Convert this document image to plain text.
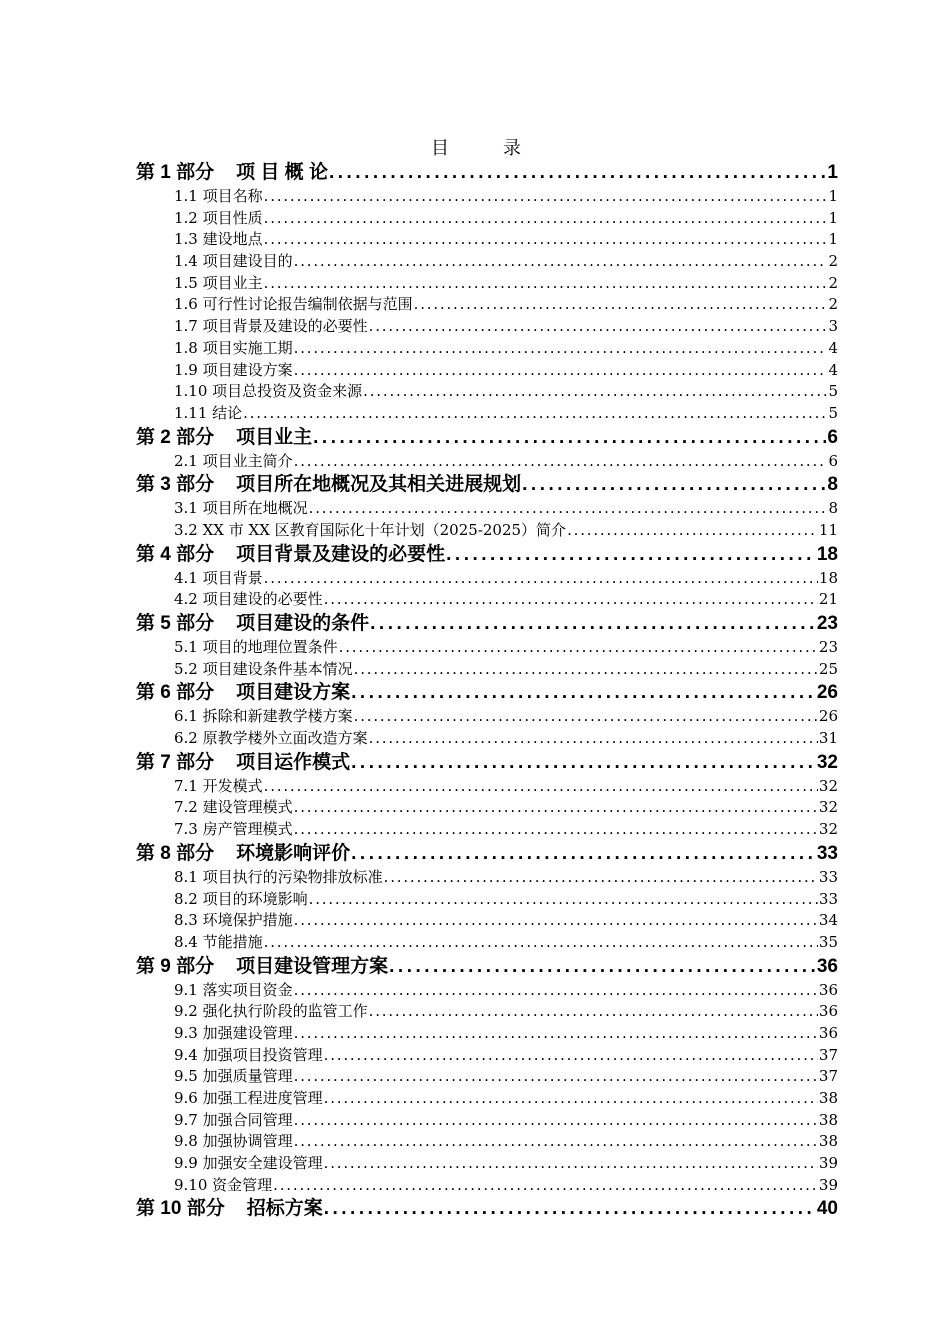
目　录
第 1 部分 项 目 概 论 .....	1
1.1 项目名称 .....	1
1.2 项目性质 .....	1
1.3 建设地点 .....	1
1.4 项目建设目的 .....	2
1.5 项目业主 .....	2
1.6 可行性讨论报告编制依据与范围 .....	2
1.7 项目背景及建设的必要性 .....	3
1.8 项目实施工期 .....	4
1.9 项目建设方案 .....	4
1.10 项目总投资及资金来源 .....	5
1.11 结论 .....	5
第 2 部分 项目业主 .....	6
2.1 项目业主简介 .....	6
第 3 部分 项目所在地概况及其相关进展规划 .....	8
3.1 项目所在地概况 .....	8
3.2 XX 市 XX 区教育国际化十年计划（2025-2025）简介 .....	11
第 4 部分 项目背景及建设的必要性 .....	18
4.1 项目背景 .....	18
4.2 项目建设的必要性 .....	21
第 5 部分 项目建设的条件 .....	23
5.1 项目的地理位置条件 .....	23
5.2 项目建设条件基本情况 .....	25
第 6 部分 项目建设方案 .....	26
6.1 拆除和新建教学楼方案 .....	26
6.2 原教学楼外立面改造方案 .....	31
第 7 部分 项目运作模式 .....	32
7.1 开发模式 .....	32
7.2 建设管理模式 .....	32
7.3 房产管理模式 .....	32
第 8 部分 环境影响评价 .....	33
8.1 项目执行的污染物排放标准 .....	33
8.2 项目的环境影响 .....	33
8.3 环境保护措施 .....	34
8.4 节能措施 .....	35
第 9 部分 项目建设管理方案 .....	36
9.1 落实项目资金 .....	36
9.2 强化执行阶段的监管工作 .....	36
9.3 加强建设管理 .....	36
9.4 加强项目投资管理 .....	37
9.5 加强质量管理 .....	37
9.6 加强工程进度管理 .....	38
9.7 加强合同管理 .....	38
9.8 加强协调管理 .....	38
9.9 加强安全建设管理 .....	39
9.10 资金管理 .....	39
第 10 部分 招标方案 .....	40
